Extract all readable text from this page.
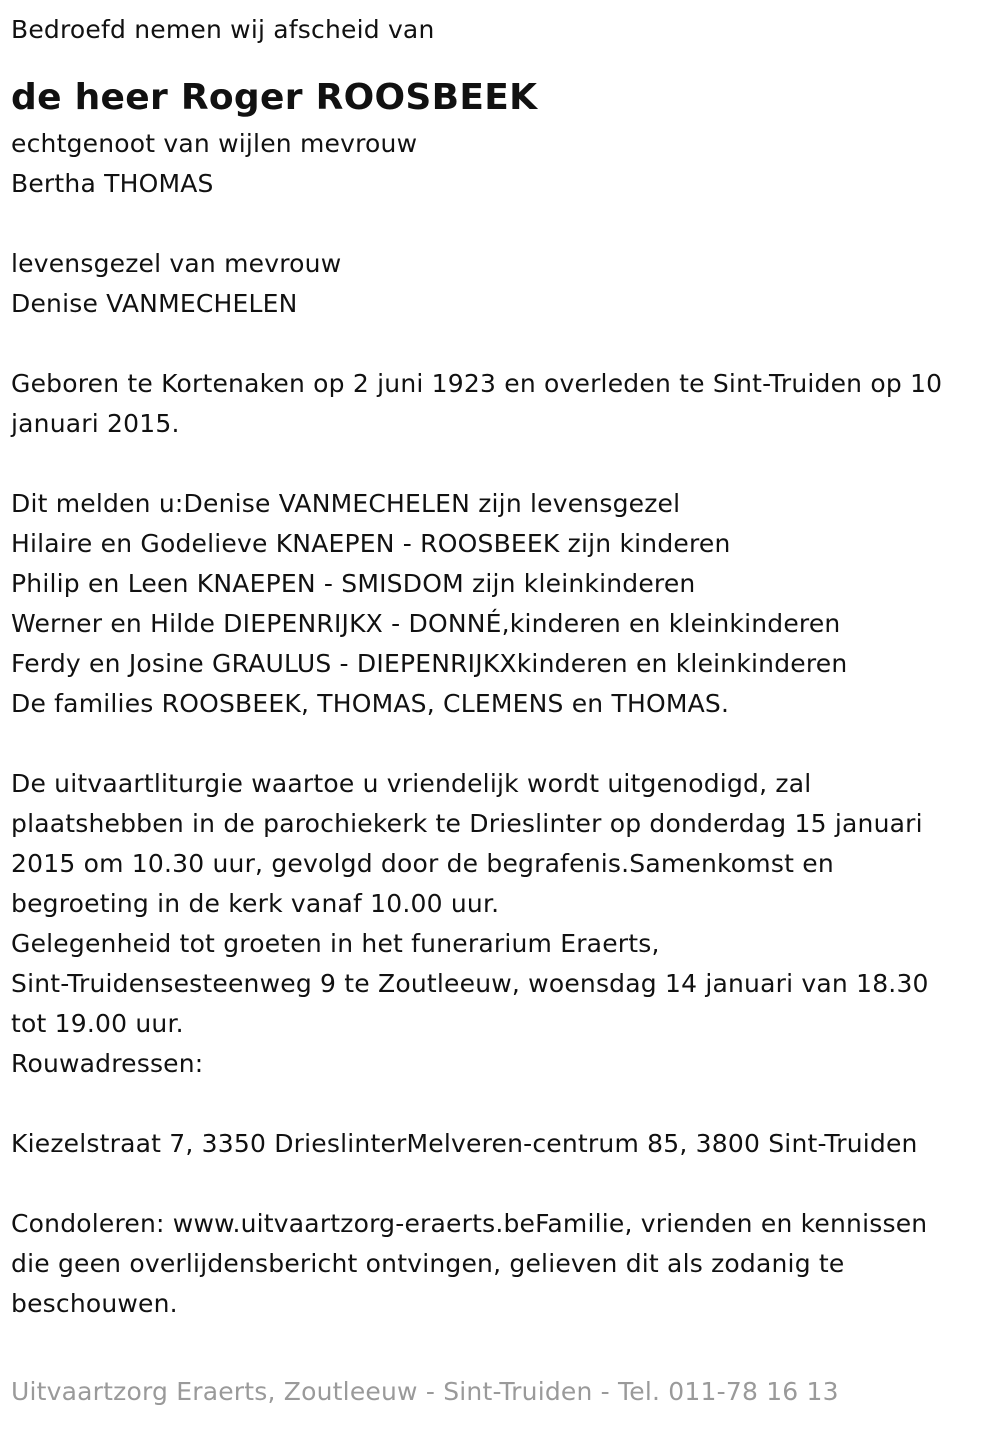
Bedroefd nemen wij afscheid van
de heer Roger ROOSBEEK
echtgenoot van wijlen mevrouw
Bertha THOMAS
levensgezel van mevrouw
Denise VANMECHELEN
Geboren te Kortenaken op 2 juni 1923 en overleden te Sint-Truiden op 10
januari 2015.
Dit melden u:Denise VANMECHELEN zijn levensgezel
Hilaire en Godelieve KNAEPEN - ROOSBEEK zijn kinderen
Philip en Leen KNAEPEN - SMISDOM zijn kleinkinderen
Werner en Hilde DIEPENRIJKX - DONNÉ,kinderen en kleinkinderen
Ferdy en Josine GRAULUS - DIEPENRIJKXkinderen en kleinkinderen
De families ROOSBEEK, THOMAS, CLEMENS en THOMAS.
De uitvaartliturgie waartoe u vriendelijk wordt uitgenodigd, zal
plaatshebben in de parochiekerk te Drieslinter op donderdag 15 januari
2015 om 10.30 uur, gevolgd door de begrafenis.Samenkomst en
begroeting in de kerk vanaf 10.00 uur.
Gelegenheid tot groeten in het funerarium Eraerts,
Sint-Truidensesteenweg 9 te Zoutleeuw, woensdag 14 januari van 18.30
tot 19.00 uur.
Rouwadressen:
Kiezelstraat 7, 3350 DrieslinterMelveren-centrum 85, 3800 Sint-Truiden
Condoleren: www.uitvaartzorg-eraerts.beFamilie, vrienden en kennissen
die geen overlijdensbericht ontvingen, gelieven dit als zodanig te
beschouwen.
Uitvaartzorg Eraerts, Zoutleeuw - Sint-Truiden - Tel. 011-78 16 13
